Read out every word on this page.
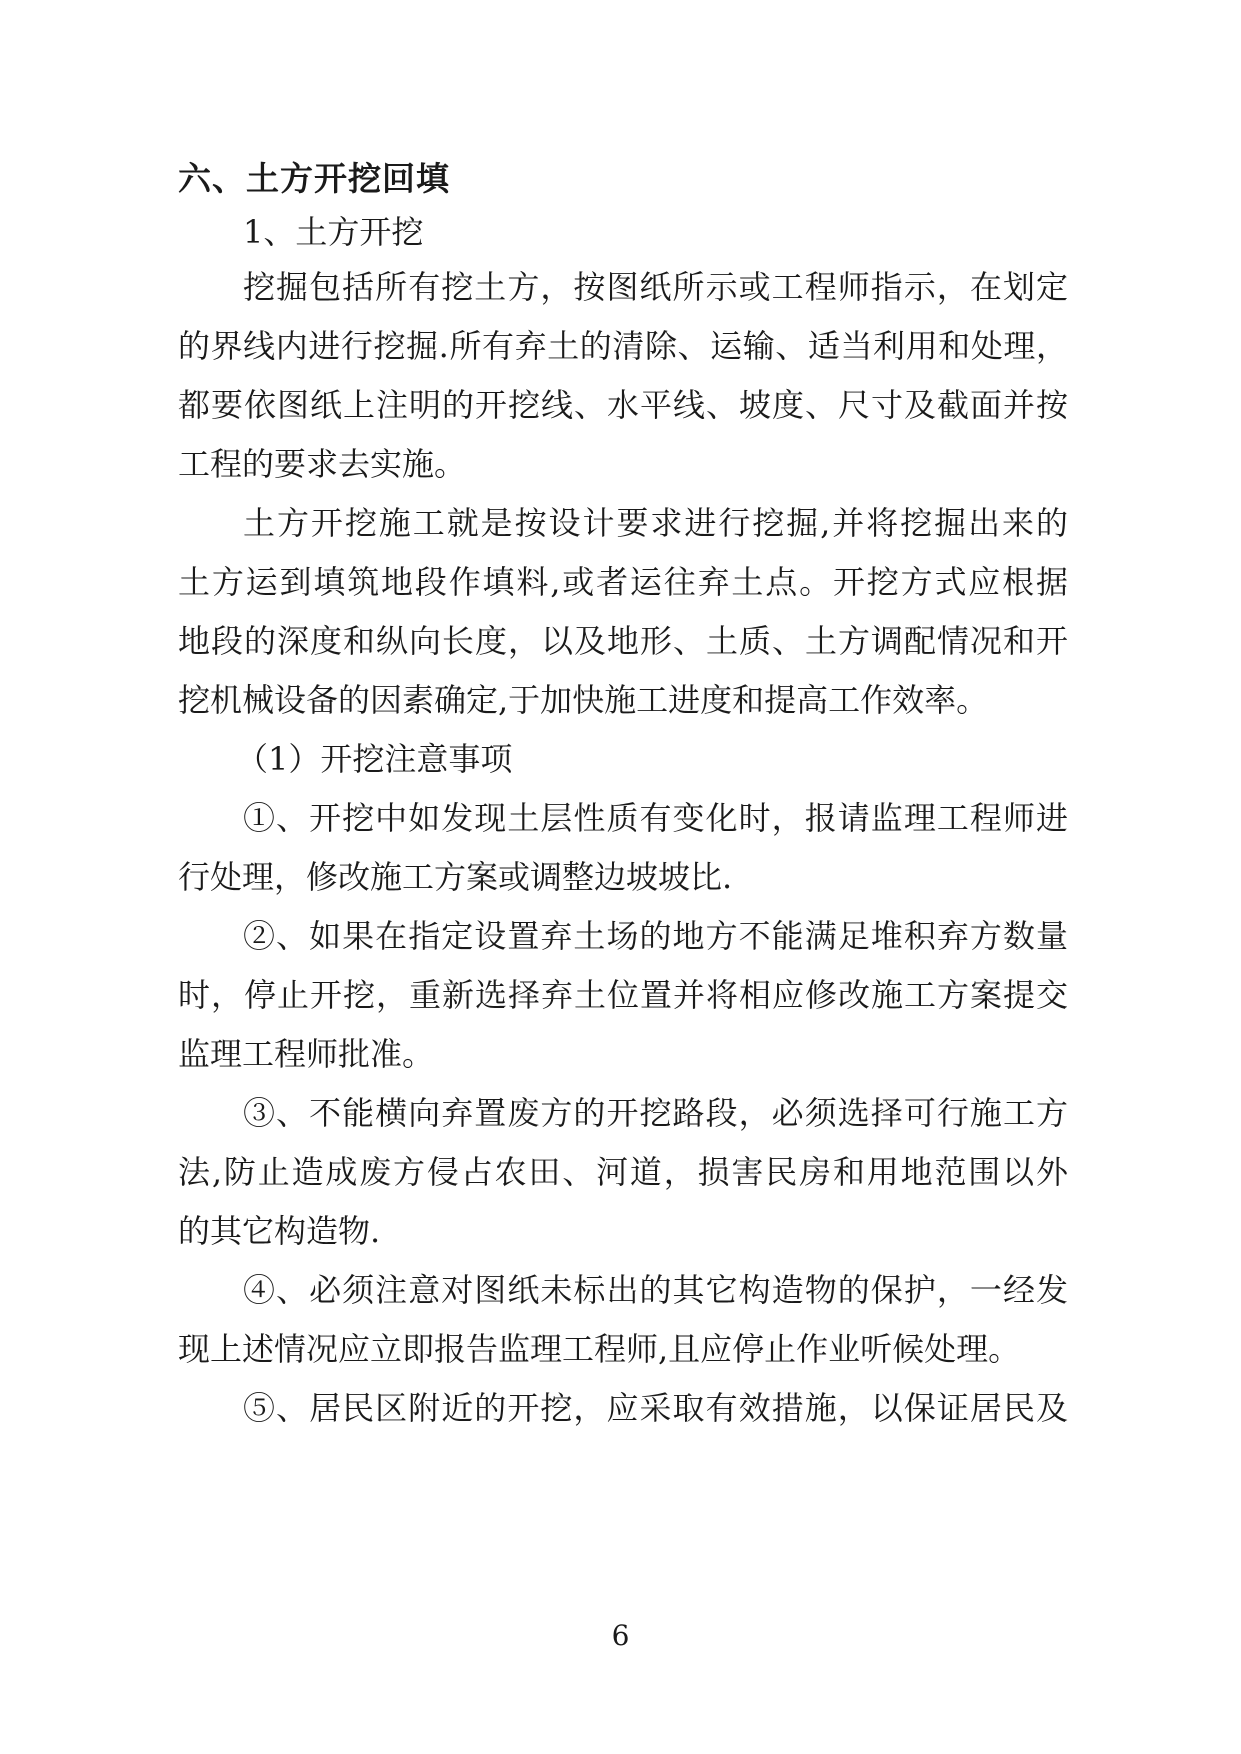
六、土方开挖回填
1、土方开挖
挖掘包括所有挖土方，按图纸所示或工程师指示，在划定
的界线内进行挖掘.所有弃土的清除、运输、适当利用和处理，
都要依图纸上注明的开挖线、水平线、坡度、尺寸及截面并按
工程的要求去实施。
土方开挖施工就是按设计要求进行挖掘,并将挖掘出来的
土方运到填筑地段作填料,或者运往弃土点。开挖方式应根据
地段的深度和纵向长度，以及地形、土质、土方调配情况和开
挖机械设备的因素确定,于加快施工进度和提高工作效率。
（1）开挖注意事项
①、开挖中如发现土层性质有变化时，报请监理工程师进
行处理，修改施工方案或调整边坡坡比.
②、如果在指定设置弃土场的地方不能满足堆积弃方数量
时，停止开挖，重新选择弃土位置并将相应修改施工方案提交
监理工程师批准。
③、不能横向弃置废方的开挖路段，必须选择可行施工方
法,防止造成废方侵占农田、河道，损害民房和用地范围以外
的其它构造物.
④、必须注意对图纸未标出的其它构造物的保护，一经发
现上述情况应立即报告监理工程师,且应停止作业听候处理。
⑤、居民区附近的开挖，应采取有效措施，以保证居民及
6
